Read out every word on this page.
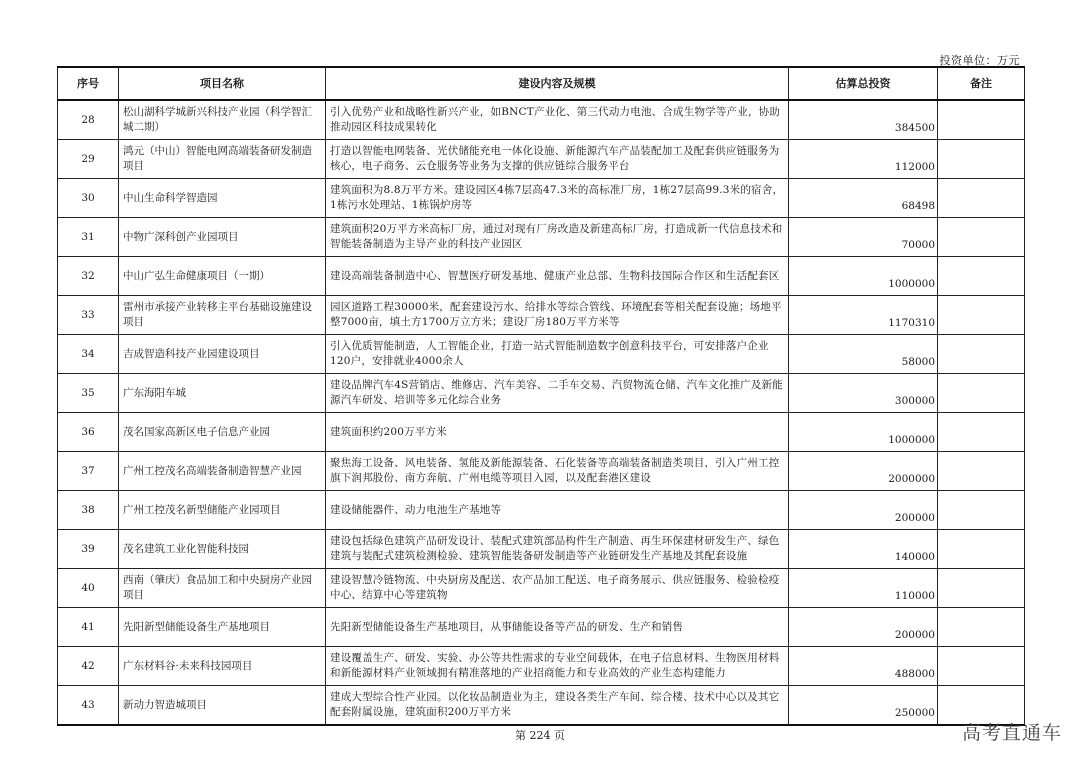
投资单位：万元
序号	项目名称	建设内容及规模	估算总投资	备注
28	松山湖科学城新兴科技产业园（科学智汇城二期）	引入优势产业和战略性新兴产业，如BNCT产业化、第三代动力电池、合成生物学等产业，协助推动园区科技成果转化	384500	
29	鸿元（中山）智能电网高端装备研发制造项目	打造以智能电网装备、光伏储能充电一体化设施、新能源汽车产品装配加工及配套供应链服务为核心，电子商务、云仓服务等业务为支撑的供应链综合服务平台	112000	
30	中山生命科学智造园	建筑面积为8.8万平方米。建设园区4栋7层高47.3米的高标准厂房，1栋27层高99.3米的宿舍，1栋污水处理站、1栋锅炉房等	68498	
31	中物广深科创产业园项目	建筑面积20万平方米高标厂房，通过对现有厂房改造及新建高标厂房，打造成新一代信息技术和智能装备制造为主导产业的科技产业园区	70000	
32	中山广弘生命健康项目（一期）	建设高端装备制造中心、智慧医疗研发基地、健康产业总部、生物科技国际合作区和生活配套区	1000000	
33	雷州市承接产业转移主平台基础设施建设项目	园区道路工程30000米，配套建设污水、给排水等综合管线、环境配套等相关配套设施；场地平整7000亩，填土方1700万立方米；建设厂房180万平方米等	1170310	
34	吉成智造科技产业园建设项目	引入优质智能制造，人工智能企业，打造一站式智能制造数字创意科技平台，可安排落户企业120户，安排就业4000余人	58000	
35	广东海阳车城	建设品牌汽车4S营销店、维修店、汽车美容、二手车交易、汽贸物流仓储、汽车文化推广及新能源汽车研发、培训等多元化综合业务	300000	
36	茂名国家高新区电子信息产业园	建筑面积约200万平方米	1000000	
37	广州工控茂名高端装备制造智慧产业园	聚焦海工设备、风电装备、氢能及新能源装备、石化装备等高端装备制造类项目，引入广州工控旗下润邦股份、南方奔航、广州电缆等项目入园，以及配套港区建设	2000000	
38	广州工控茂名新型储能产业园项目	建设储能器件、动力电池生产基地等	200000	
39	茂名建筑工业化智能科技园	建设包括绿色建筑产品研发设计、装配式建筑部品构件生产制造、再生环保建材研发生产、绿色建筑与装配式建筑检测检验、建筑智能装备研发制造等产业链研发生产基地及其配套设施	140000	
40	西南（肇庆）食品加工和中央厨房产业园项目	建设智慧冷链物流、中央厨房及配送、农产品加工配送、电子商务展示、供应链服务、检验检疫中心、结算中心等建筑物	110000	
41	先阳新型储能设备生产基地项目	先阳新型储能设备生产基地项目，从事储能设备等产品的研发、生产和销售	200000	
42	广东材料谷·未来科技园项目	建设覆盖生产、研发、实验、办公等共性需求的专业空间载体，在电子信息材料、生物医用材料和新能源材料产业领域拥有精准落地的产业招商能力和专业高效的产业生态构建能力	488000	
43	新动力智造城项目	建成大型综合性产业园。以化妆品制造业为主，建设各类生产车间、综合楼、技术中心以及其它配套附属设施，建筑面积200万平方米	250000	
第 224 页	高考直通车
